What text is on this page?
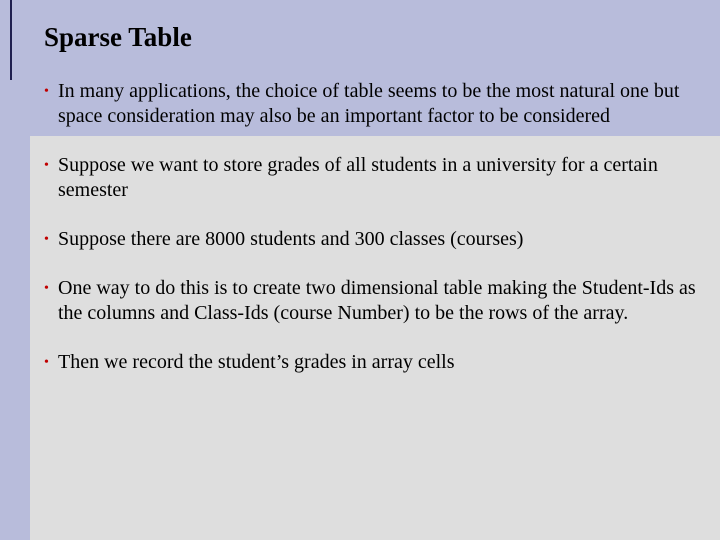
Sparse Table
• In many applications, the choice of table seems to be the most natural one but space consideration may also be an important factor to be considered
• Suppose we want to store grades of all students in a university for a certain semester
• Suppose there are 8000 students and 300 classes (courses)
• One way to do this is to create two dimensional table making the Student-Ids as the columns and Class-Ids (course Number) to be the rows of the array.
• Then we record the student’s grades in array cells
